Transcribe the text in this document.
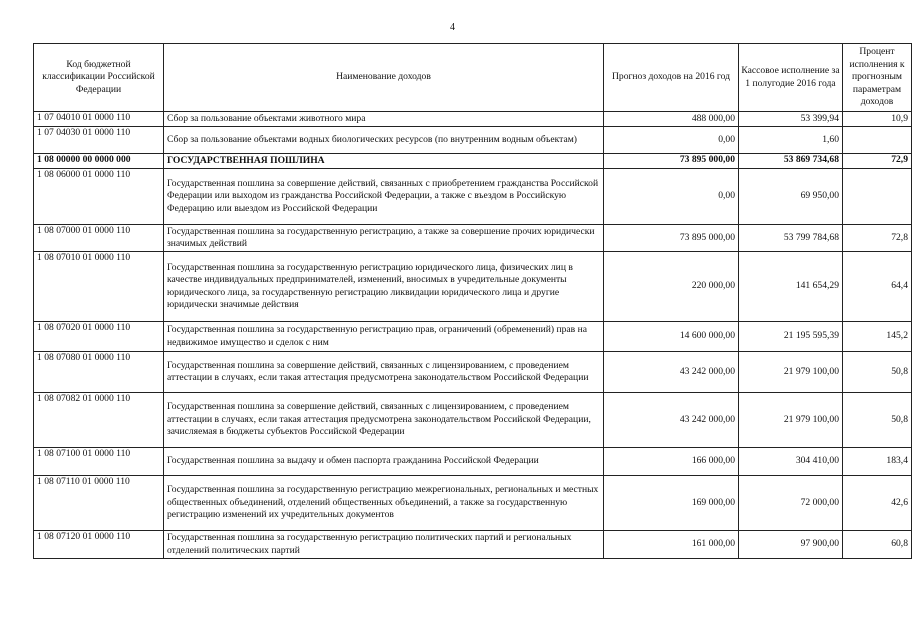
4
Код бюджетной классификации Российской Федерации	Наименование доходов	Прогноз доходов на 2016 год	Кассовое исполнение за 1 полугодие 2016 года	Процент исполнения к прогнозным параметрам доходов
1 07 04010 01 0000 110	Сбор за пользование объектами животного мира	488 000,00	53 399,94	10,9
1 07 04030 01 0000 110	Сбор за пользование объектами водных биологических ресурсов (по внутренним водным объектам)	0,00	1,60	
1 08 00000 00 0000 000	ГОСУДАРСТВЕННАЯ ПОШЛИНА	73 895 000,00	53 869 734,68	72,9
1 08 06000 01 0000 110	Государственная пошлина за совершение действий, связанных с приобретением гражданства Российской Федерации или выходом из гражданства Российской Федерации, а также с въездом в Российскую Федерацию или выездом из Российской Федерации	0,00	69 950,00	
1 08 07000 01 0000 110	Государственная пошлина за государственную регистрацию, а также за совершение прочих юридически значимых действий	73 895 000,00	53 799 784,68	72,8
1 08 07010 01 0000 110	Государственная пошлина за государственную регистрацию юридического лица, физических лиц в качестве индивидуальных предпринимателей, изменений, вносимых в учредительные документы юридического лица, за государственную регистрацию ликвидации юридического лица и другие юридически значимые действия	220 000,00	141 654,29	64,4
1 08 07020 01 0000 110	Государственная пошлина за государственную регистрацию прав, ограничений (обременений) прав на недвижимое имущество и сделок с ним	14 600 000,00	21 195 595,39	145,2
1 08 07080 01 0000 110	Государственная пошлина за совершение действий, связанных с лицензированием, с проведением аттестации в случаях, если такая аттестация предусмотрена законодательством Российской Федерации	43 242 000,00	21 979 100,00	50,8
1 08 07082 01 0000 110	Государственная пошлина за совершение действий, связанных с лицензированием, с проведением аттестации в случаях, если такая аттестация предусмотрена законодательством Российской Федерации, зачисляемая в бюджеты субъектов Российской Федерации	43 242 000,00	21 979 100,00	50,8
1 08 07100 01 0000 110	Государственная пошлина за выдачу и обмен паспорта гражданина Российской Федерации	166 000,00	304 410,00	183,4
1 08 07110 01 0000 110	Государственная пошлина за государственную регистрацию межрегиональных, региональных и местных общественных объединений, отделений общественных объединений, а также за государственную регистрацию изменений их учредительных документов	169 000,00	72 000,00	42,6
1 08 07120 01 0000 110	Государственная пошлина за государственную регистрацию политических партий и региональных отделений политических партий	161 000,00	97 900,00	60,8
